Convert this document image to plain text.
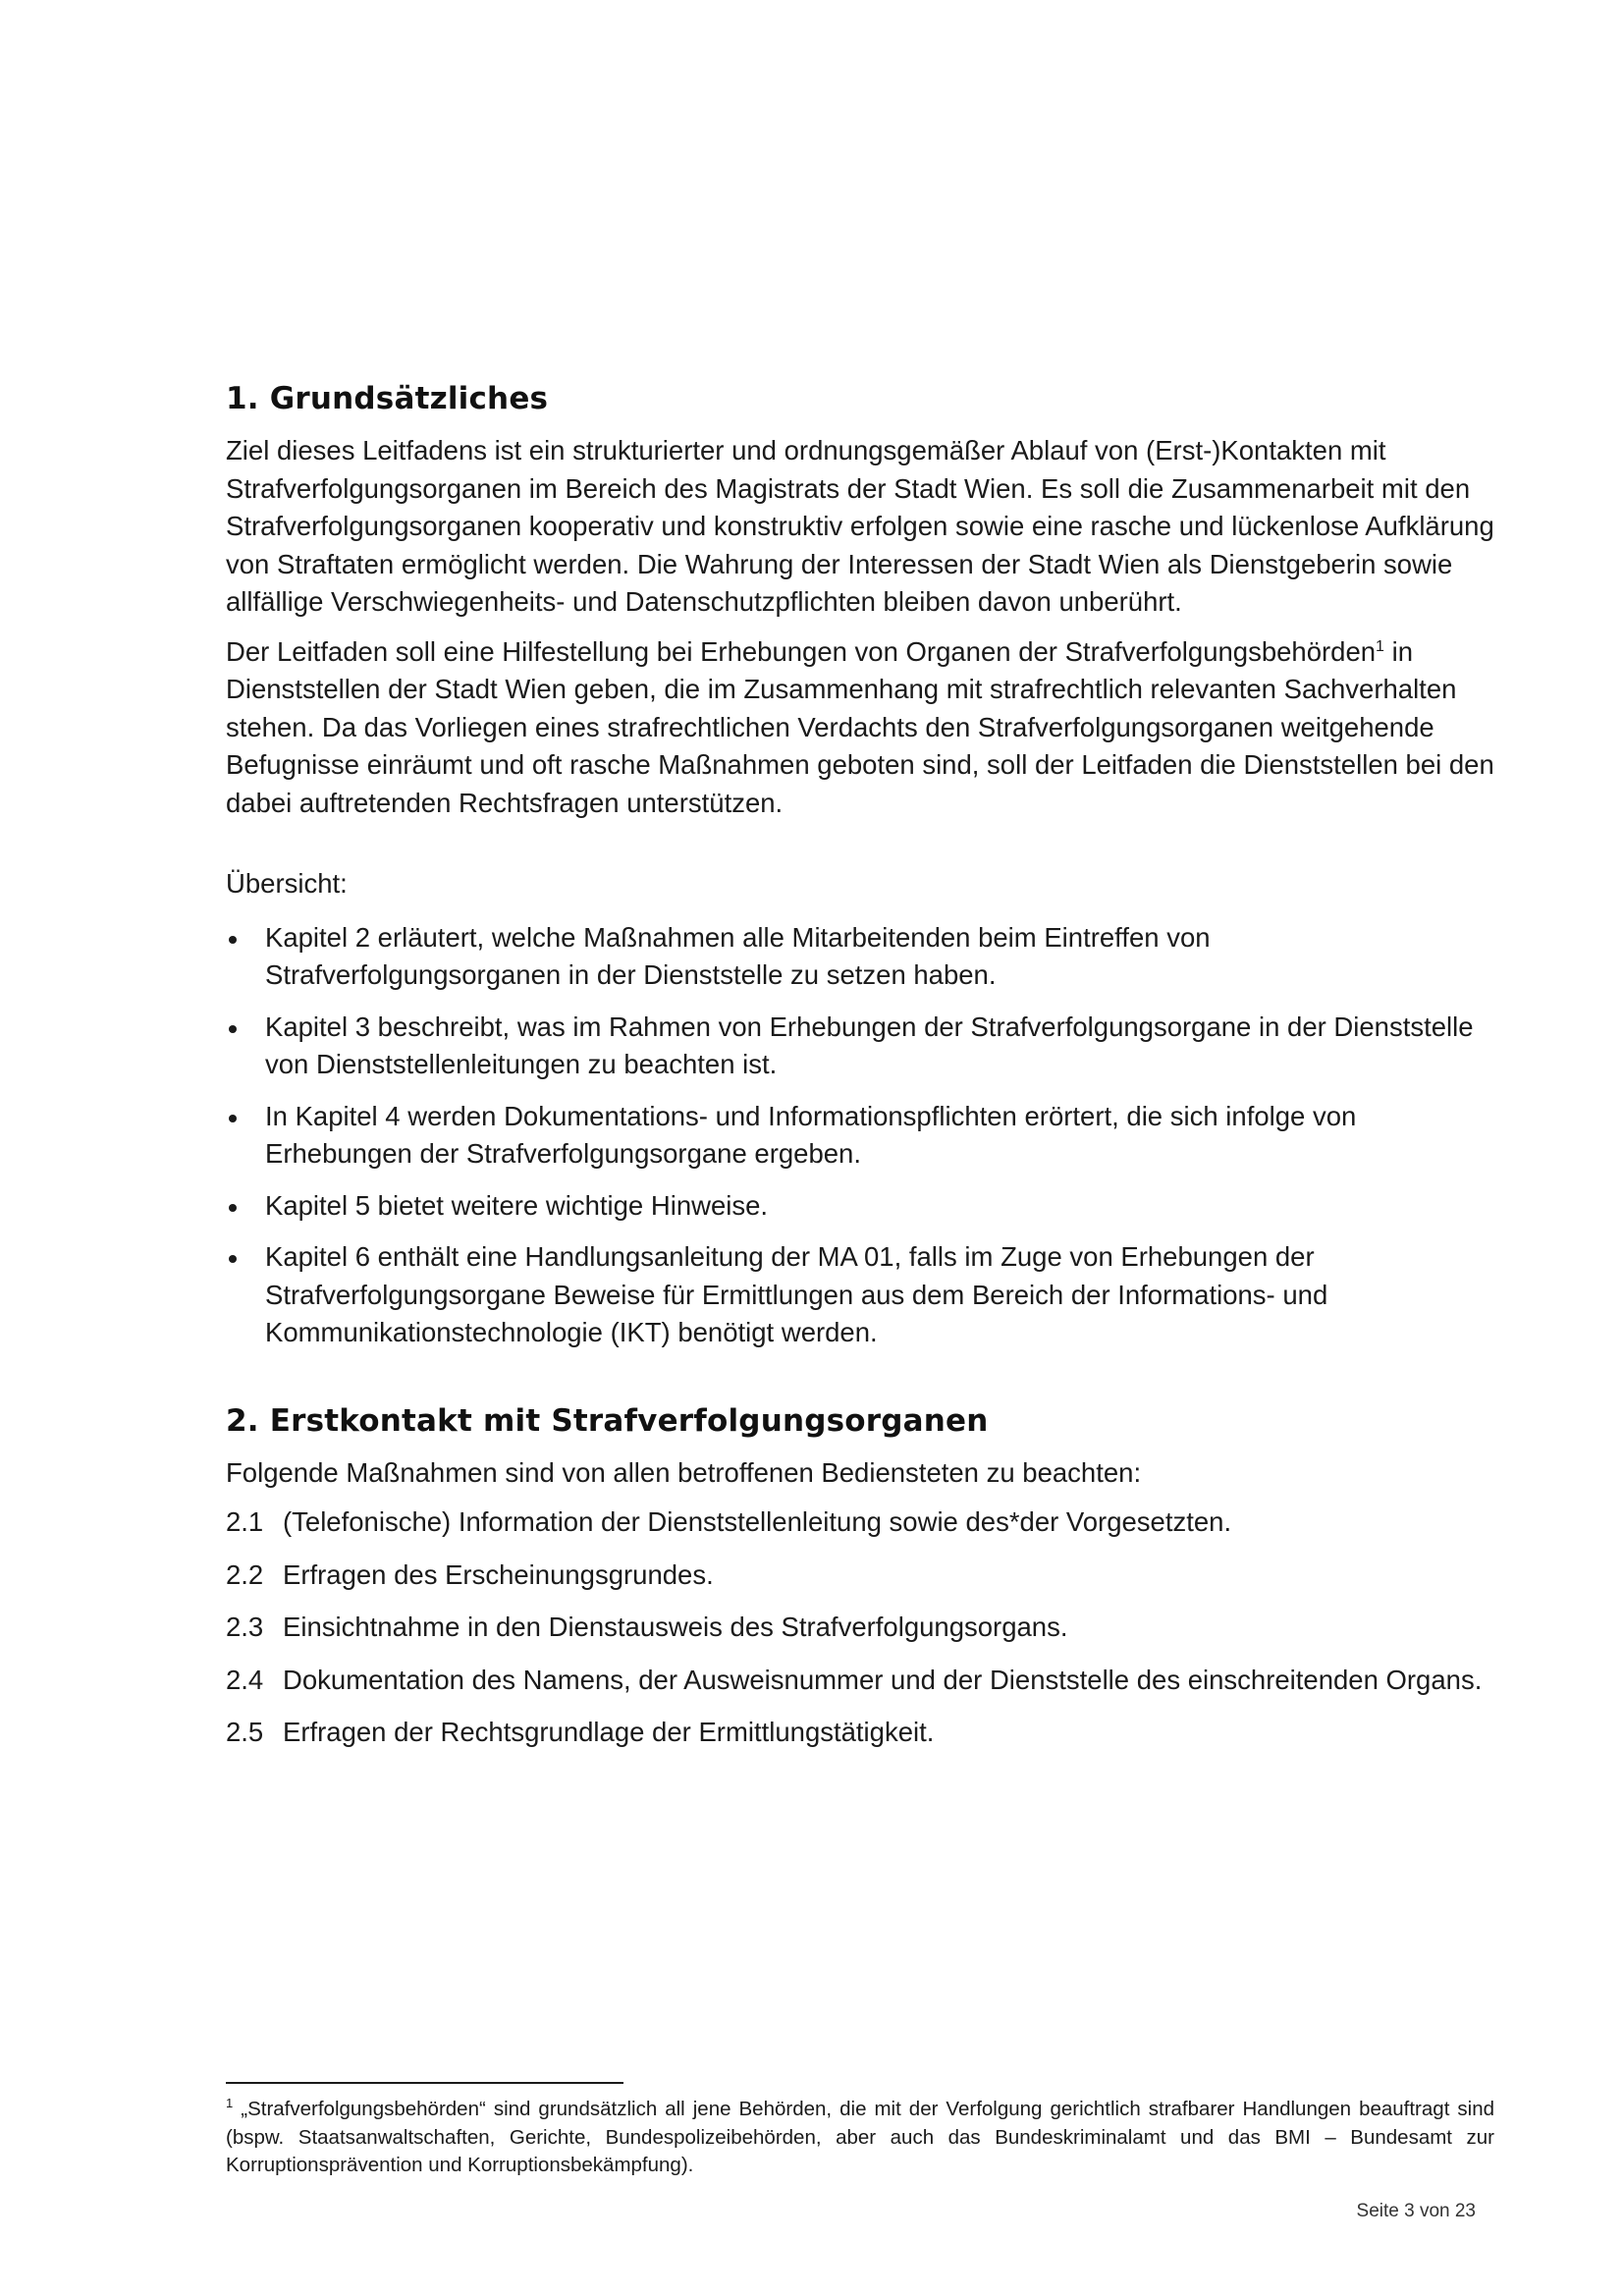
1. Grundsätzliches

Ziel dieses Leitfadens ist ein strukturierter und ordnungsgemäßer Ablauf von (Erst-)Kontakten mit Strafverfolgungsorganen im Bereich des Magistrats der Stadt Wien. Es soll die Zusammenarbeit mit den Strafverfolgungsorganen kooperativ und konstruktiv erfolgen sowie eine rasche und lückenlose Aufklärung von Straftaten ermöglicht werden. Die Wahrung der Interessen der Stadt Wien als Dienstgeberin sowie allfällige Verschwiegenheits- und Datenschutzpflichten bleiben davon unberührt.

Der Leitfaden soll eine Hilfestellung bei Erhebungen von Organen der Strafverfolgungsbehörden$^1$ in Dienststellen der Stadt Wien geben, die im Zusammenhang mit strafrechtlich relevanten Sachverhalten stehen. Da das Vorliegen eines strafrechtlichen Verdachts den Strafverfolgungsorganen weitgehende Befugnisse einräumt und oft rasche Maßnahmen geboten sind, soll der Leitfaden die Dienststellen bei den dabei auftretenden Rechtsfragen unterstützen.

Übersicht:

Kapitel 2 erläutert, welche Maßnahmen alle Mitarbeitenden beim Eintreffen von Strafverfolgungsorganen in der Dienststelle zu setzen haben.
Kapitel 3 beschreibt, was im Rahmen von Erhebungen der Strafverfolgungsorgane in der Dienststelle von Dienststellenleitungen zu beachten ist.
In Kapitel 4 werden Dokumentations- und Informationspflichten erörtert, die sich infolge von Erhebungen der Strafverfolgungsorgane ergeben.
Kapitel 5 bietet weitere wichtige Hinweise.
Kapitel 6 enthält eine Handlungsanleitung der MA 01, falls im Zuge von Erhebungen der Strafverfolgungsorgane Beweise für Ermittlungen aus dem Bereich der Informations- und Kommunikationstechnologie (IKT) benötigt werden.
2. Erstkontakt mit Strafverfolgungsorganen

Folgende Maßnahmen sind von allen betroffenen Bediensteten zu beachten:

2.1 (Telefonische) Information der Dienststellenleitung sowie des*der Vorgesetzten.
2.2 Erfragen des Erscheinungsgrundes.
2.3 Einsichtnahme in den Dienstausweis des Strafverfolgungsorgans.
2.4 Dokumentation des Namens, der Ausweisnummer und der Dienststelle des einschreitenden Organs.
2.5 Erfragen der Rechtsgrundlage der Ermittlungstätigkeit.
$^1$ „Strafverfolgungsbehörden“ sind grundsätzlich all jene Behörden, die mit der Verfolgung gerichtlich strafbarer Handlungen beauftragt sind (bspw. Staatsanwaltschaften, Gerichte, Bundespolizeibehörden, aber auch das Bundeskriminalamt und das BMI – Bundesamt zur Korruptionsprävention und Korruptionsbekämpfung).
Seite 3 von 23
